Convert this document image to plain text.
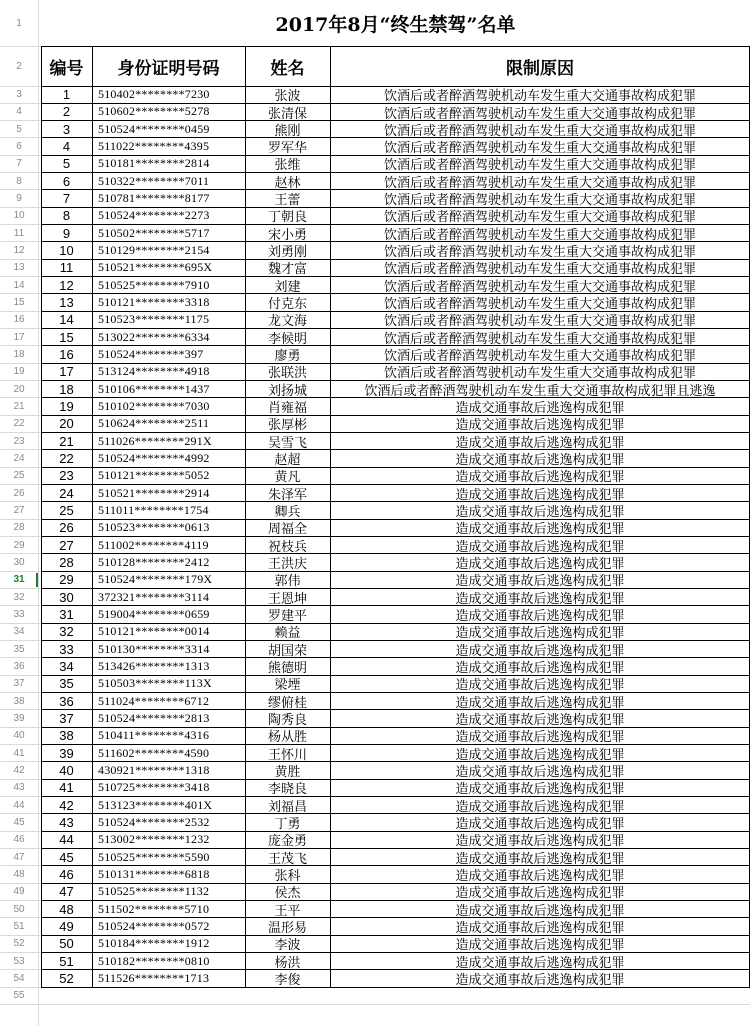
1	2017年8月“终生禁驾”名单
2	编号	身份证明号码	姓名	限制原因
3	1	510402********7230	张波	饮酒后或者醉酒驾驶机动车发生重大交通事故构成犯罪
4	2	510602********5278	张清保	饮酒后或者醉酒驾驶机动车发生重大交通事故构成犯罪
5	3	510524********0459	熊刚	饮酒后或者醉酒驾驶机动车发生重大交通事故构成犯罪
6	4	511022********4395	罗军华	饮酒后或者醉酒驾驶机动车发生重大交通事故构成犯罪
7	5	510181********2814	张维	饮酒后或者醉酒驾驶机动车发生重大交通事故构成犯罪
8	6	510322********7011	赵林	饮酒后或者醉酒驾驶机动车发生重大交通事故构成犯罪
9	7	510781********8177	王蕾	饮酒后或者醉酒驾驶机动车发生重大交通事故构成犯罪
10	8	510524********2273	丁朝良	饮酒后或者醉酒驾驶机动车发生重大交通事故构成犯罪
11	9	510502********5717	宋小勇	饮酒后或者醉酒驾驶机动车发生重大交通事故构成犯罪
12	10	510129********2154	刘勇刚	饮酒后或者醉酒驾驶机动车发生重大交通事故构成犯罪
13	11	510521********695X	魏才富	饮酒后或者醉酒驾驶机动车发生重大交通事故构成犯罪
14	12	510525********7910	刘建	饮酒后或者醉酒驾驶机动车发生重大交通事故构成犯罪
15	13	510121********3318	付克东	饮酒后或者醉酒驾驶机动车发生重大交通事故构成犯罪
16	14	510523********1175	龙文海	饮酒后或者醉酒驾驶机动车发生重大交通事故构成犯罪
17	15	513022********6334	李候明	饮酒后或者醉酒驾驶机动车发生重大交通事故构成犯罪
18	16	510524********397	廖勇	饮酒后或者醉酒驾驶机动车发生重大交通事故构成犯罪
19	17	513124********4918	张联洪	饮酒后或者醉酒驾驶机动车发生重大交通事故构成犯罪
20	18	510106********1437	刘扬城	饮酒后或者醉酒驾驶机动车发生重大交通事故构成犯罪且逃逸
21	19	510102********7030	肖雍福	造成交通事故后逃逸构成犯罪
22	20	510624********2511	张厚彬	造成交通事故后逃逸构成犯罪
23	21	511026********291X	吴雪飞	造成交通事故后逃逸构成犯罪
24	22	510524********4992	赵超	造成交通事故后逃逸构成犯罪
25	23	510121********5052	黄凡	造成交通事故后逃逸构成犯罪
26	24	510521********2914	朱泽军	造成交通事故后逃逸构成犯罪
27	25	511011********1754	卿兵	造成交通事故后逃逸构成犯罪
28	26	510523********0613	周福全	造成交通事故后逃逸构成犯罪
29	27	511002********4119	祝枝兵	造成交通事故后逃逸构成犯罪
30	28	510128********2412	王洪庆	造成交通事故后逃逸构成犯罪
31	29	510524********179X	郭伟	造成交通事故后逃逸构成犯罪
32	30	372321********3114	王恩坤	造成交通事故后逃逸构成犯罪
33	31	519004********0659	罗建平	造成交通事故后逃逸构成犯罪
34	32	510121********0014	赖益	造成交通事故后逃逸构成犯罪
35	33	510130********3314	胡国荣	造成交通事故后逃逸构成犯罪
36	34	513426********1313	熊德明	造成交通事故后逃逸构成犯罪
37	35	510503********113X	梁堙	造成交通事故后逃逸构成犯罪
38	36	511024********6712	缪俯桂	造成交通事故后逃逸构成犯罪
39	37	510524********2813	陶秀良	造成交通事故后逃逸构成犯罪
40	38	510411********4316	杨从胜	造成交通事故后逃逸构成犯罪
41	39	511602********4590	王怀川	造成交通事故后逃逸构成犯罪
42	40	430921********1318	黄胜	造成交通事故后逃逸构成犯罪
43	41	510725********3418	李晓良	造成交通事故后逃逸构成犯罪
44	42	513123********401X	刘福昌	造成交通事故后逃逸构成犯罪
45	43	510524********2532	丁勇	造成交通事故后逃逸构成犯罪
46	44	513002********1232	庞金勇	造成交通事故后逃逸构成犯罪
47	45	510525********5590	王茂飞	造成交通事故后逃逸构成犯罪
48	46	510131********6818	张科	造成交通事故后逃逸构成犯罪
49	47	510525********1132	侯杰	造成交通事故后逃逸构成犯罪
50	48	511502********5710	王平	造成交通事故后逃逸构成犯罪
51	49	510524********0572	温形易	造成交通事故后逃逸构成犯罪
52	50	510184********1912	李波	造成交通事故后逃逸构成犯罪
53	51	510182********0810	杨洪	造成交通事故后逃逸构成犯罪
54	52	511526********1713	李俊	造成交通事故后逃逸构成犯罪
55
